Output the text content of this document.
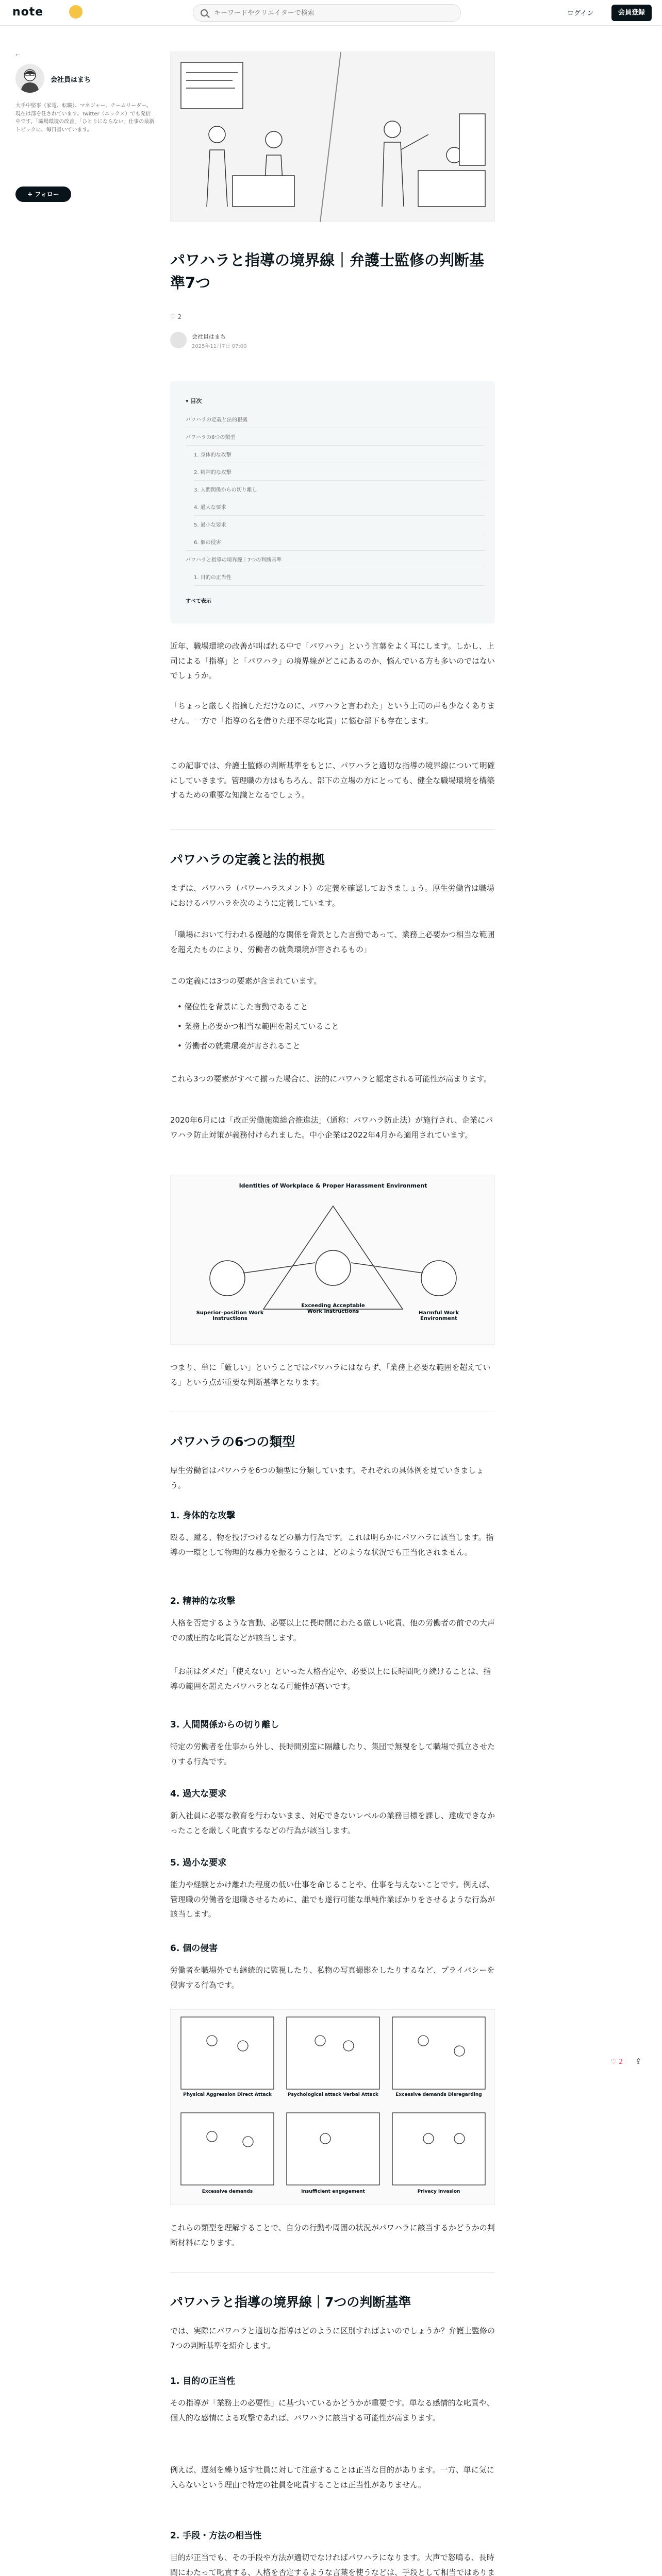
note
キーワードやクリエイターで検索	ログイン	会員登録
←
会社員はまち
大手中堅事（家電、転職）、マネジャー、チームリーダー。現在は部を任されています。Twitter（エックス）でも発信中です。「職場環境の改善」「ひとりにならない」仕事の最新トピックに、毎日書いています。
+ フォロー
パワハラと指導の境界線｜弁護士監修の判断基準7つ
♡ 2
会社員はまち
2025年11月7日 07:00
▾ 目次
パワハラの定義と法的根拠
パワハラの6つの類型
1. 身体的な攻撃
2. 精神的な攻撃
3. 人間関係からの切り離し
4. 過大な要求
5. 過小な要求
6. 個の侵害
パワハラと指導の境界線｜7つの判断基準
1. 目的の正当性
すべて表示
近年、職場環境の改善が叫ばれる中で「パワハラ」という言葉をよく耳にします。しかし、上司による「指導」と「パワハラ」の境界線がどこにあるのか、悩んでいる方も多いのではないでしょうか。
「ちょっと厳しく指摘しただけなのに、パワハラと言われた」という上司の声も少なくありません。一方で「指導の名を借りた理不尽な叱責」に悩む部下も存在します。
この記事では、弁護士監修の判断基準をもとに、パワハラと適切な指導の境界線について明確にしていきます。管理職の方はもちろん、部下の立場の方にとっても、健全な職場環境を構築するための重要な知識となるでしょう。
パワハラの定義と法的根拠
まずは、パワハラ（パワーハラスメント）の定義を確認しておきましょう。厚生労働省は職場におけるパワハラを次のように定義しています。
「職場において行われる優越的な関係を背景とした言動であって、業務上必要かつ相当な範囲を超えたものにより、労働者の就業環境が害されるもの」
この定義には3つの要素が含まれています。
• 優位性を背景にした言動であること
• 業務上必要かつ相当な範囲を超えていること
• 労働者の就業環境が害されること
これら3つの要素がすべて揃った場合に、法的にパワハラと認定される可能性が高まります。
2020年6月には「改正労働施策総合推進法」（通称：パワハラ防止法）が施行され、企業にパワハラ防止対策が義務付けられました。中小企業は2022年4月から適用されています。
Identities of Workplace & Proper Harassment Environment
Superior-position Work Instructions
Exceeding Acceptable Work Instructions	Harmful Work Environment
つまり、単に「厳しい」ということではパワハラにはならず、「業務上必要な範囲を超えている」という点が重要な判断基準となります。
パワハラの6つの類型
厚生労働省はパワハラを6つの類型に分類しています。それぞれの具体例を見ていきましょう。
1. 身体的な攻撃
殴る、蹴る、物を投げつけるなどの暴力行為です。これは明らかにパワハラに該当します。指導の一環として物理的な暴力を振るうことは、どのような状況でも正当化されません。
2. 精神的な攻撃
人格を否定するような言動、必要以上に長時間にわたる厳しい叱責、他の労働者の前での大声での威圧的な叱責などが該当します。
「お前はダメだ」「使えない」といった人格否定や、必要以上に長時間叱り続けることは、指導の範囲を超えたパワハラとなる可能性が高いです。
3. 人間関係からの切り離し
特定の労働者を仕事から外し、長時間別室に隔離したり、集団で無視をして職場で孤立させたりする行為です。
4. 過大な要求
新入社員に必要な教育を行わないまま、対応できないレベルの業務目標を課し、達成できなかったことを厳しく叱責するなどの行為が該当します。
5. 過小な要求
能力や経験とかけ離れた程度の低い仕事を命じることや、仕事を与えないことです。例えば、管理職の労働者を退職させるために、誰でも遂行可能な単純作業ばかりをさせるような行為が該当します。
6. 個の侵害
労働者を職場外でも継続的に監視したり、私物の写真撮影をしたりするなど、プライバシーを侵害する行為です。
Physical Aggression Direct Attack	Psychological attack Verbal Attack	Excessive demands Disregarding
Excessive demands	Insufficient engagement	Privacy invasion
これらの類型を理解することで、自分の行動や周囲の状況がパワハラに該当するかどうかの判断材料になります。
パワハラと指導の境界線｜7つの判断基準
では、実際にパワハラと適切な指導はどのように区別すればよいのでしょうか？弁護士監修の7つの判断基準を紹介します。
1. 目的の正当性
その指導が「業務上の必要性」に基づいているかどうかが重要です。単なる感情的な叱責や、個人的な感情による攻撃であれば、パワハラに該当する可能性が高まります。
例えば、遅刻を繰り返す社員に対して注意することは正当な目的があります。一方、単に気に入らないという理由で特定の社員を叱責することは正当性がありません。
2. 手段・方法の相当性
目的が正当でも、その手段や方法が適切でなければパワハラになります。大声で怒鳴る、長時間にわたって叱責する、人格を否定するような言葉を使うなどは、手段として相当ではありま
♡ 2 ⇪
